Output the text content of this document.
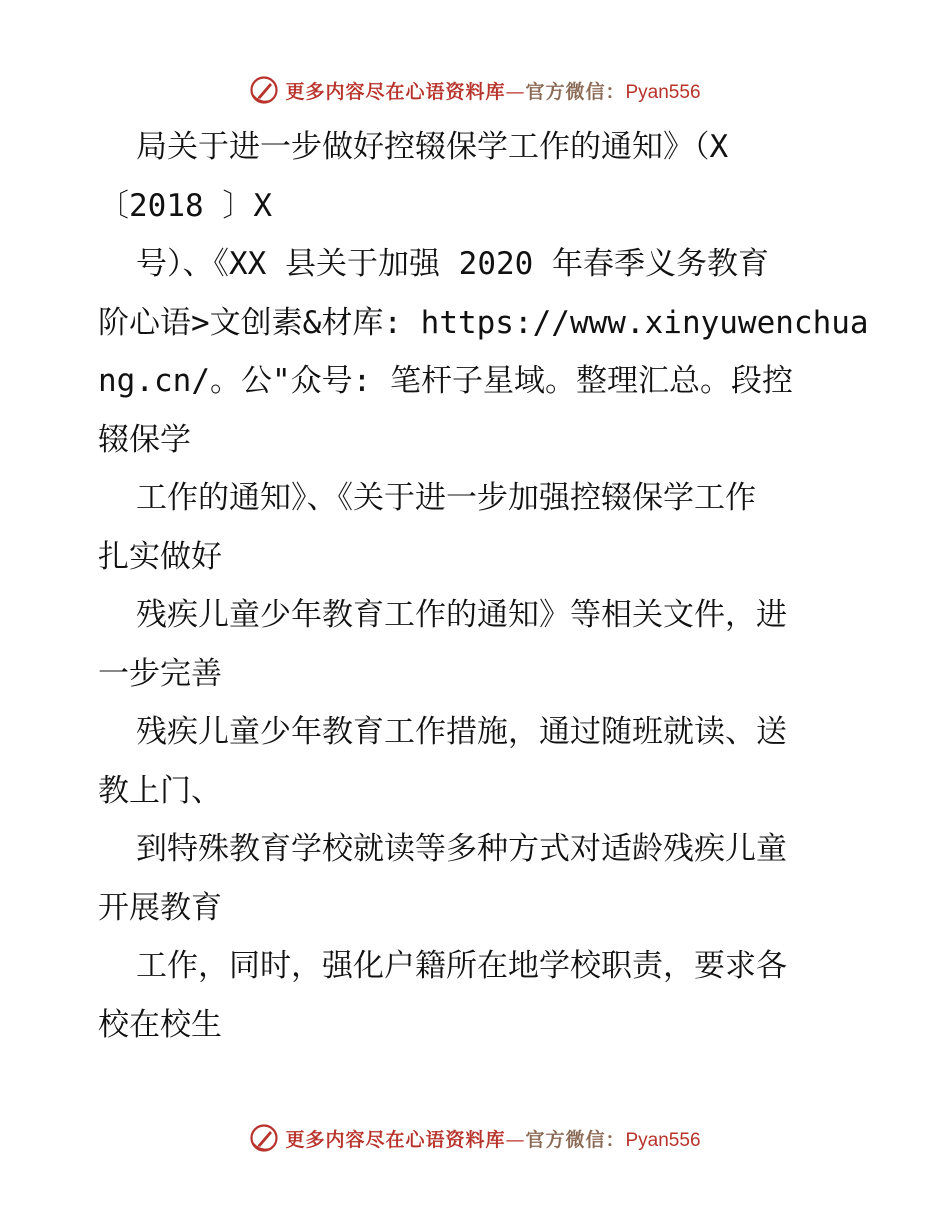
更多内容尽在心语资料库—官方微信：Pyan556
局关于进一步做好控辍保学工作的通知》（X
〔2018 〕X
号）、《XX 县关于加强 2020 年春季义务教育
阶心语>文创素&材库: https://www.xinyuwenchua
ng.cn/。公"众号: 笔杆子星域。整理汇总。段控
辍保学
工作的通知》、《关于进一步加强控辍保学工作
扎实做好
残疾儿童少年教育工作的通知》等相关文件，进
一步完善
残疾儿童少年教育工作措施，通过随班就读、送
教上门、
到特殊教育学校就读等多种方式对适龄残疾儿童
开展教育
工作，同时，强化户籍所在地学校职责，要求各
校在校生
更多内容尽在心语资料库—官方微信：Pyan556
